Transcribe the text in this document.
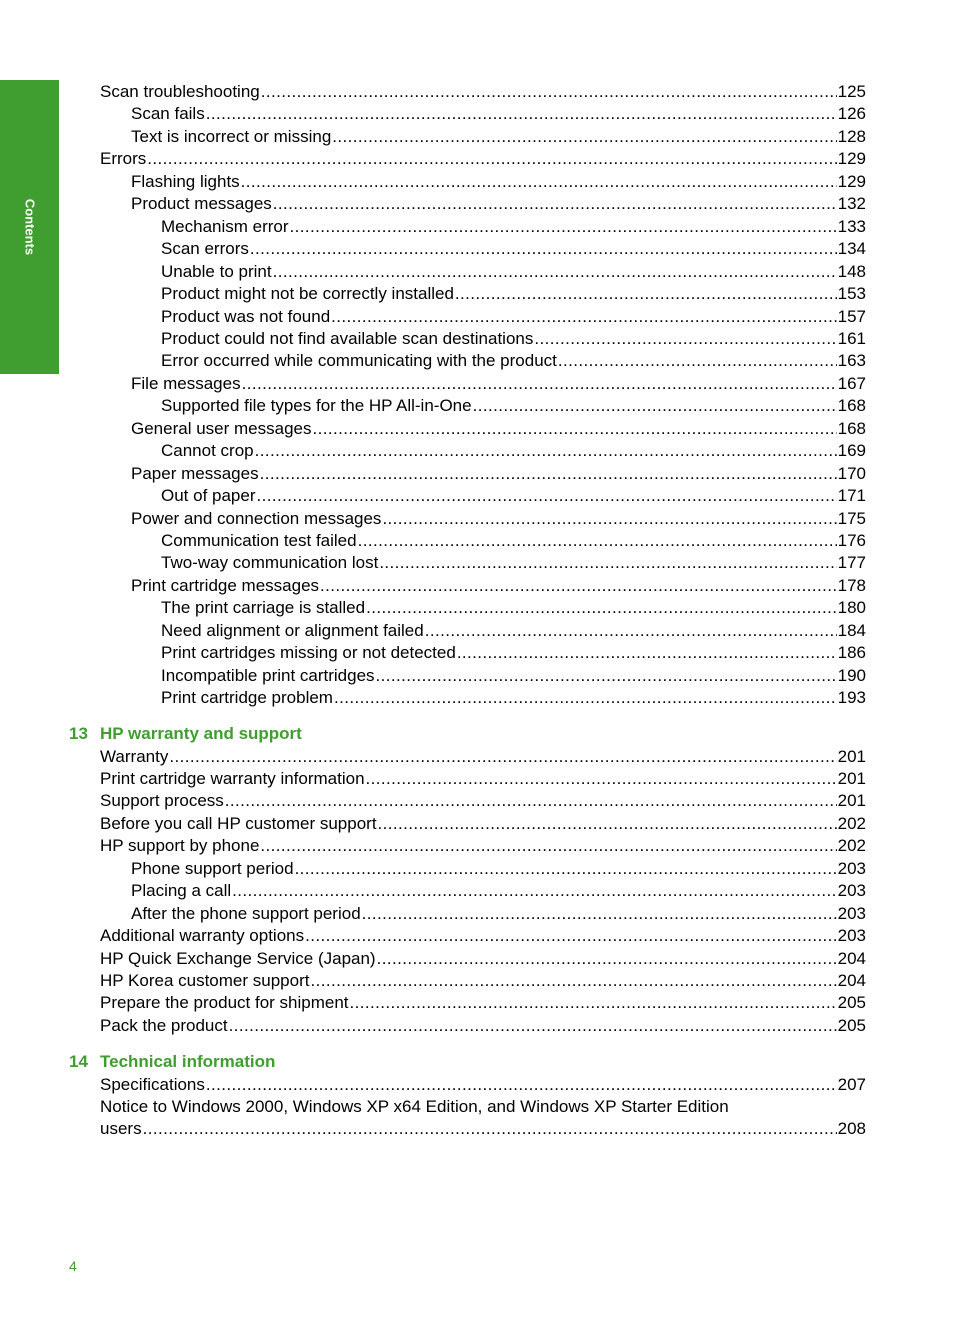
Contents
Scan troubleshooting .....	125
Scan fails .....	126
Text is incorrect or missing .....	128
Errors .....	129
Flashing lights .....	129
Product messages .....	132
Mechanism error .....	133
Scan errors .....	134
Unable to print .....	148
Product might not be correctly installed .....	153
Product was not found .....	157
Product could not find available scan destinations .....	161
Error occurred while communicating with the product .....	163
File messages .....	167
Supported file types for the HP All-in-One .....	168
General user messages .....	168
Cannot crop .....	169
Paper messages .....	170
Out of paper .....	171
Power and connection messages .....	175
Communication test failed .....	176
Two-way communication lost .....	177
Print cartridge messages .....	178
The print carriage is stalled .....	180
Need alignment or alignment failed .....	184
Print cartridges missing or not detected .....	186
Incompatible print cartridges .....	190
Print cartridge problem .....	193
13 HP warranty and support
Warranty .....	201
Print cartridge warranty information .....	201
Support process .....	201
Before you call HP customer support .....	202
HP support by phone .....	202
Phone support period .....	203
Placing a call .....	203
After the phone support period .....	203
Additional warranty options .....	203
HP Quick Exchange Service (Japan) .....	204
HP Korea customer support .....	204
Prepare the product for shipment .....	205
Pack the product .....	205
14 Technical information
Specifications .....	207
Notice to Windows 2000, Windows XP x64 Edition, and Windows XP Starter Edition
users .....	208
4
